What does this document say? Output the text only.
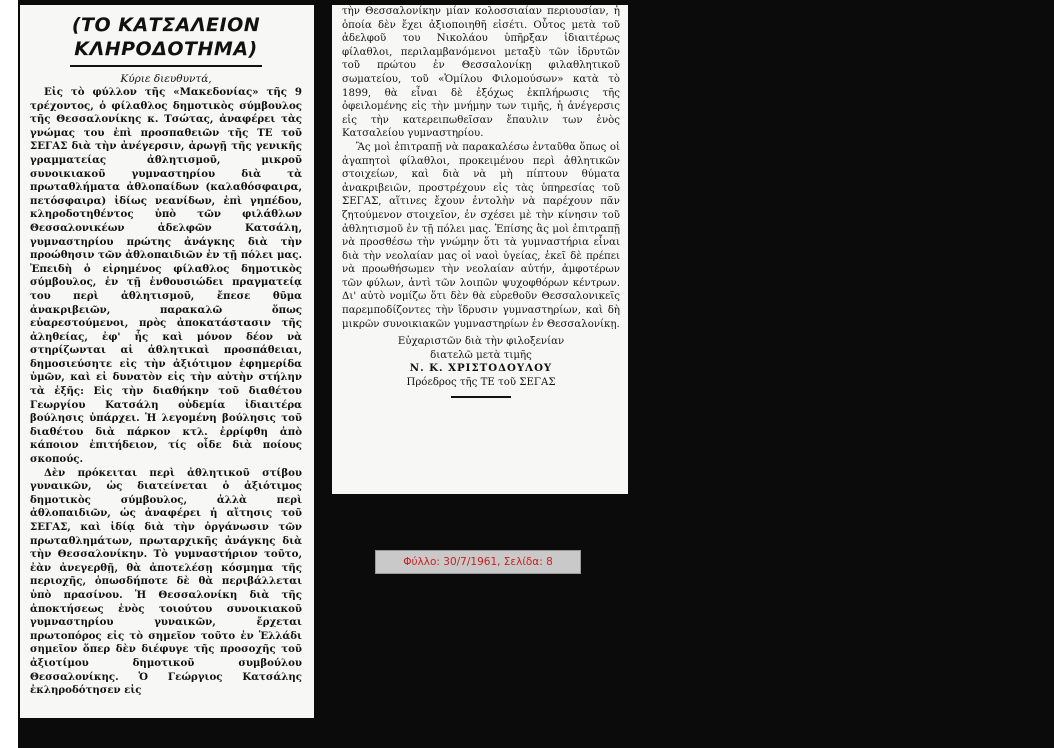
(ΤΟ ΚΑΤΣΑΛΕΙΟΝ
ΚΛΗΡΟΔΟΤΗΜΑ)
Κύριε διευθυντά,

Εἰς τὸ φύλλον τῆς «Μακεδονίας» τῆς 9 τρέχοντος, ὁ φίλαθλος δημοτικὸς σύμβουλος τῆς Θεσσαλονίκης κ. Τσώτας, ἀναφέρει τὰς γνώμας του ἐπὶ προσπαθειῶν τῆς ΤΕ τοῦ ΣΕΓΑΣ διὰ τὴν ἀνέγερσιν, ἀρωγῇ τῆς γενικῆς γραμματείας ἀθλητισμοῦ, μικροῦ συνοικιακοῦ γυμναστηρίου διὰ τὰ πρωταθλήματα ἀθλοπαίδων (καλαθόσφαιρα, πετόσφαιρα) ἰδίως νεανίδων, ἐπὶ γηπέδου, κληροδοτηθέντος ὑπὸ τῶν φιλάθλων Θεσσαλονικέων ἀδελφῶν Κατσάλη, γυμναστηρίου πρώτης ἀνάγκης διὰ τὴν προώθησιν τῶν ἀθλοπαιδιῶν ἐν τῇ πόλει μας. Ἐπειδὴ ὁ εἰρημένος φίλαθλος δημοτικὸς σύμβουλος, ἐν τῇ ἐνθουσιώδει πραγματείᾳ του περὶ ἀθλητισμοῦ, ἔπεσε θῦμα ἀνακριβειῶν, παρακαλῶ ὅπως εὐαρεστούμενοι, πρὸς ἀποκατάστασιν τῆς ἀληθείας, ἐφ' ἧς καὶ μόνον δέον νὰ στηρίζωνται αἱ ἀθλητικαὶ προσπάθειαι, δημοσιεύσητε εἰς τὴν ἀξιότιμον ἐφημερίδα ὑμῶν, καὶ εἰ δυνατὸν εἰς τὴν αὐτὴν στήλην τὰ ἑξῆς: Εἰς τὴν διαθήκην τοῦ διαθέτου Γεωργίου Κατσάλη οὐδεμία ἰδιαιτέρα βούλησις ὑπάρχει. Ἡ λεγομένη βούλησις τοῦ διαθέτου διὰ πάρκον κτλ. ἐρρίφθη ἀπὸ κάποιον ἐπιτήδειον, τίς οἶδε διὰ ποίους σκοπούς.

Δὲν πρόκειται περὶ ἀθλητικοῦ στίβου γυναικῶν, ὡς διατείνεται ὁ ἀξιότιμος δημοτικὸς σύμβουλος, ἀλλὰ περὶ ἀθλοπαιδιῶν, ὡς ἀναφέρει ἡ αἴτησις τοῦ ΣΕΓΑΣ, καὶ ἰδίᾳ διὰ τὴν ὀργάνωσιν τῶν πρωταθλημάτων, πρωταρχικῆς ἀνάγκης διὰ τὴν Θεσσαλονίκην. Τὸ γυμναστήριον τοῦτο, ἐὰν ἀνεγερθῇ, θὰ ἀποτελέσῃ κόσμημα τῆς περιοχῆς, ὁπωσδήποτε δὲ θὰ περιβάλλεται ὑπὸ πρασίνου. Ἡ Θεσσαλονίκη διὰ τῆς ἀποκτήσεως ἑνὸς τοιούτου συνοικιακοῦ γυμναστηρίου γυναικῶν, ἔρχεται πρωτοπόρος εἰς τὸ σημεῖον τοῦτο ἐν Ἑλλάδι σημεῖον ὅπερ δὲν διέφυγε τῆς προσοχῆς τοῦ ἀξιοτίμου δημοτικοῦ συμβούλου Θεσσαλονίκης. Ὁ Γεώργιος Κατσάλης ἐκληροδότησεν εἰς

τὴν Θεσσαλονίκην μίαν κολοσσιαίαν περιουσίαν, ἡ ὁποία δὲν ἔχει ἀξιοποιηθῆ εἰσέτι. Οὗτος μετὰ τοῦ ἀδελφοῦ του Νικολάου ὑπῆρξαν ἰδιαιτέρως φίλαθλοι, περιλαμβανόμενοι μεταξὺ τῶν ἱδρυτῶν τοῦ πρώτου ἐν Θεσσαλονίκῃ φιλαθλητικοῦ σωματείου, τοῦ «Ὁμίλου Φιλομούσων» κατὰ τὸ 1899, θὰ εἶναι δὲ ἐξόχως ἐκπλήρωσις τῆς ὀφειλομένης εἰς τὴν μνήμην των τιμῆς, ἡ ἀνέγερσις εἰς τὴν κατερειπωθεῖσαν ἔπαυλιν των ἑνὸς Κατσαλείου γυμναστηρίου.

Ἂς μοὶ ἐπιτραπῇ νὰ παρακαλέσω ἐνταῦθα ὅπως οἱ ἀγαπητοὶ φίλαθλοι, προκειμένου περὶ ἀθλητικῶν στοιχείων, καὶ διὰ νὰ μὴ πίπτουν θύματα ἀνακριβειῶν, προστρέχουν εἰς τὰς ὑπηρεσίας τοῦ ΣΕΓΑΣ, αἵτινες ἔχουν ἐντολὴν νὰ παρέχουν πᾶν ζητούμενον στοιχεῖον, ἐν σχέσει μὲ τὴν κίνησιν τοῦ ἀθλητισμοῦ ἐν τῇ πόλει μας. Ἐπίσης ἂς μοὶ ἐπιτραπῇ νὰ προσθέσω τὴν γνώμην ὅτι τὰ γυμναστήρια εἶναι διὰ τὴν νεολαίαν μας οἱ ναοὶ ὑγείας, ἐκεῖ δὲ πρέπει νὰ προωθήσωμεν τὴν νεολαίαν αὐτήν, ἀμφοτέρων τῶν φύλων, ἀντὶ τῶν λοιπῶν ψυχοφθόρων κέντρων. Δι' αὐτὸ νομίζω ὅτι δὲν θὰ εὑρεθοῦν Θεσσαλονικεῖς παρεμποδίζοντες τὴν ἵδρυσιν γυμναστηρίων, καὶ δὴ μικρῶν συνοικιακῶν γυμναστηρίων ἐν Θεσσαλονίκῃ.

Εὐχαριστῶν διὰ τὴν φιλοξενίαν
διατελῶ μετὰ τιμῆς
Ν. Κ. ΧΡΙΣΤΟΔΟΥΛΟΥ
Πρόεδρος τῆς ΤΕ τοῦ ΣΕΓΑΣ
Φύλλο: 30/7/1961, Σελίδα: 8
